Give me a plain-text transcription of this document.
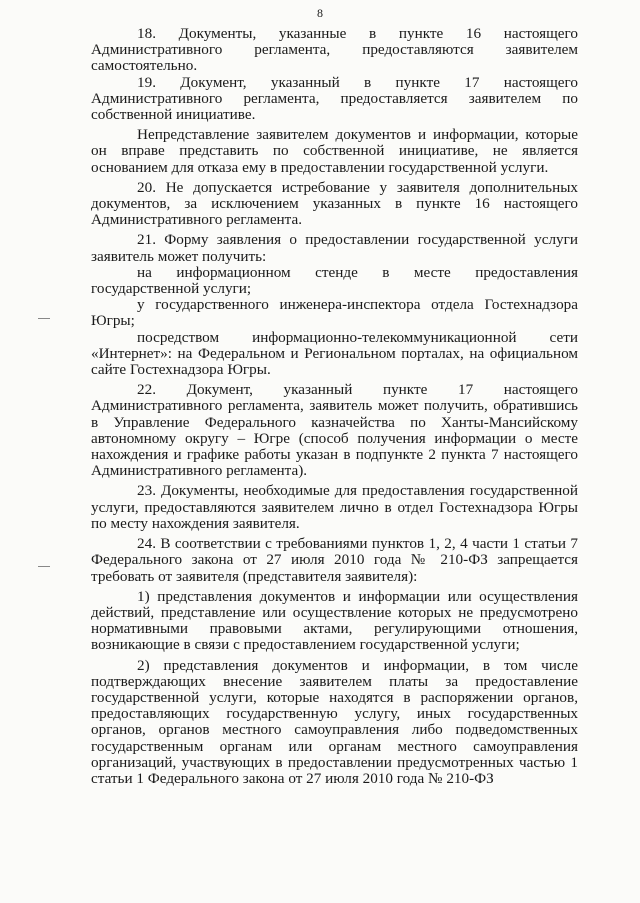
8

18. Документы, указанные в пункте 16 настоящего Административного регламента, предоставляются заявителем самостоятельно.

19. Документ, указанный в пункте 17 настоящего Административного регламента, предоставляется заявителем по собственной инициативе.

Непредставление заявителем документов и информации, которые он вправе представить по собственной инициативе, не является основанием для отказа ему в предоставлении государственной услуги.

20. Не допускается истребование у заявителя дополнительных документов, за исключением указанных в пункте 16 настоящего Административного регламента.

21. Форму заявления о предоставлении государственной услуги заявитель может получить:

на информационном стенде в месте предоставления государственной услуги;

у государственного инженера-инспектора отдела Гостехнадзора Югры;

посредством информационно-телекоммуникационной сети «Интернет»: на Федеральном и Региональном порталах, на официальном сайте Гостехнадзора Югры.

22. Документ, указанный пункте 17 настоящего Административного регламента, заявитель может получить, обратившись в Управление Федерального казначейства по Ханты-Мансийскому автономному округу – Югре (способ получения информации о месте нахождения и графике работы указан в подпункте 2 пункта 7 настоящего Административного регламента).

23. Документы, необходимые для предоставления государственной услуги, предоставляются заявителем лично в отдел Гостехнадзора Югры по месту нахождения заявителя.

24. В соответствии с требованиями пунктов 1, 2, 4 части 1 статьи 7 Федерального закона от 27 июля 2010 года № 210-ФЗ запрещается требовать от заявителя (представителя заявителя):

1) представления документов и информации или осуществления действий, представление или осуществление которых не предусмотрено нормативными правовыми актами, регулирующими отношения, возникающие в связи с предоставлением государственной услуги;

2) представления документов и информации, в том числе подтверждающих внесение заявителем платы за предоставление государственной услуги, которые находятся в распоряжении органов, предоставляющих государственную услугу, иных государственных органов, органов местного самоуправления либо подведомственных государственным органам или органам местного самоуправления организаций, участвующих в предоставлении предусмотренных частью 1 статьи 1 Федерального закона от 27 июля 2010 года № 210-ФЗ
